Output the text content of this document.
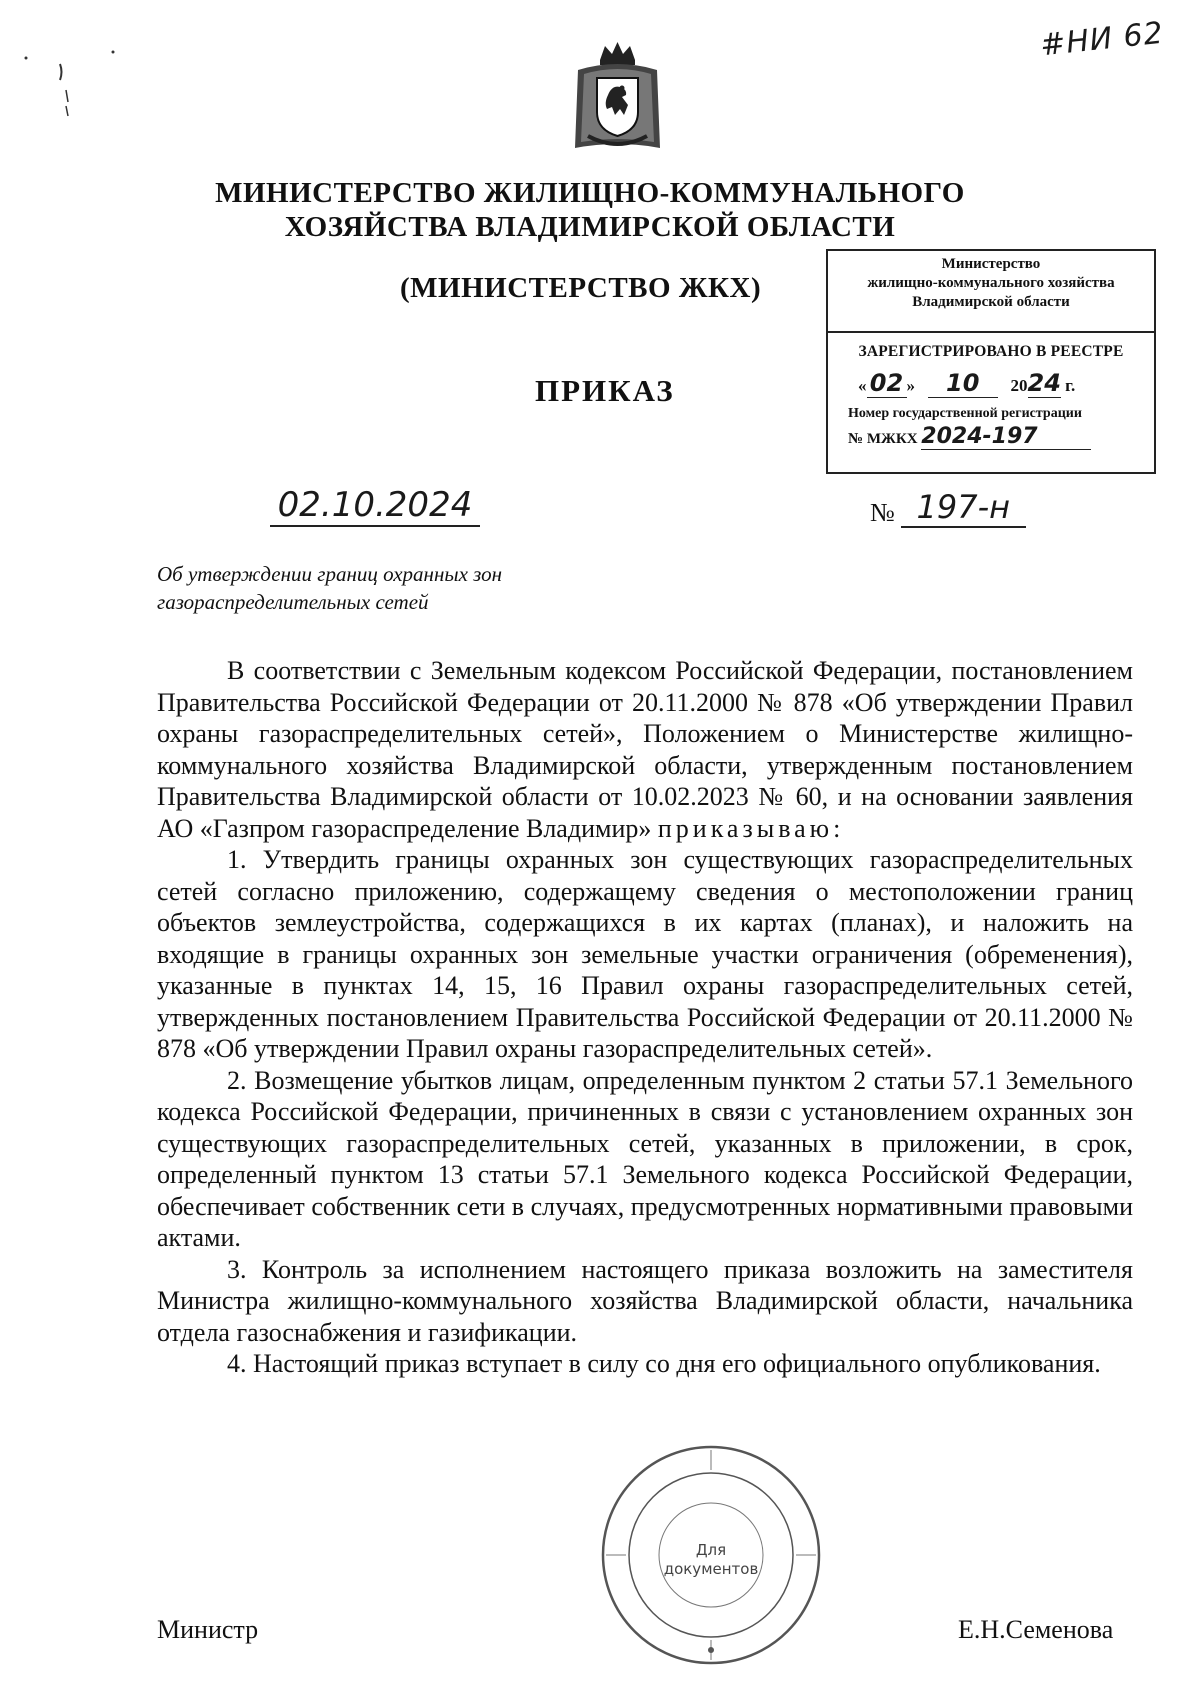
#НИ 62
МИНИСТЕРСТВО ЖИЛИЩНО-КОММУНАЛЬНОГО
ХОЗЯЙСТВА ВЛАДИМИРСКОЙ ОБЛАСТИ
(МИНИСТЕРСТВО ЖКХ)
ПРИКАЗ
Министерство
жилищно-коммунального хозяйства
Владимирской области
ЗАРЕГИСТРИРОВАНО В РЕЕСТРЕ
« 02 » 10 2024 г.
Номер государственной регистрации
№ МЖКХ 2024-197
02.10.2024	№ 197-н
Об утверждении границ охранных зон
газораспределительных сетей

В соответствии с Земельным кодексом Российской Федерации, постановлением Правительства Российской Федерации от 20.11.2000 № 878 «Об утверждении Правил охраны газораспределительных сетей», Положением о Министерстве жилищно-коммунального хозяйства Владимирской области, утвержденным постановлением Правительства Владимирской области от 10.02.2023 № 60, и на основании заявления АО «Газпром газораспределение Владимир» приказываю:

1. Утвердить границы охранных зон существующих газораспределительных сетей согласно приложению, содержащему сведения о местоположении границ объектов землеустройства, содержащихся в их картах (планах), и наложить на входящие в границы охранных зон земельные участки ограничения (обременения), указанные в пунктах 14, 15, 16 Правил охраны газораспределительных сетей, утвержденных постановлением Правительства Российской Федерации от 20.11.2000 № 878 «Об утверждении Правил охраны газораспределительных сетей».

2. Возмещение убытков лицам, определенным пунктом 2 статьи 57.1 Земельного кодекса Российской Федерации, причиненных в связи с установлением охранных зон существующих газораспределительных сетей, указанных в приложении, в срок, определенный пунктом 13 статьи 57.1 Земельного кодекса Российской Федерации, обеспечивает собственник сети в случаях, предусмотренных нормативными правовыми актами.

3. Контроль за исполнением настоящего приказа возложить на заместителя Министра жилищно-коммунального хозяйства Владимирской области, начальника отдела газоснабжения и газификации.

4. Настоящий приказ вступает в силу со дня его официального опубликования.

Для
документов
Министр	Е.Н.Семенова
